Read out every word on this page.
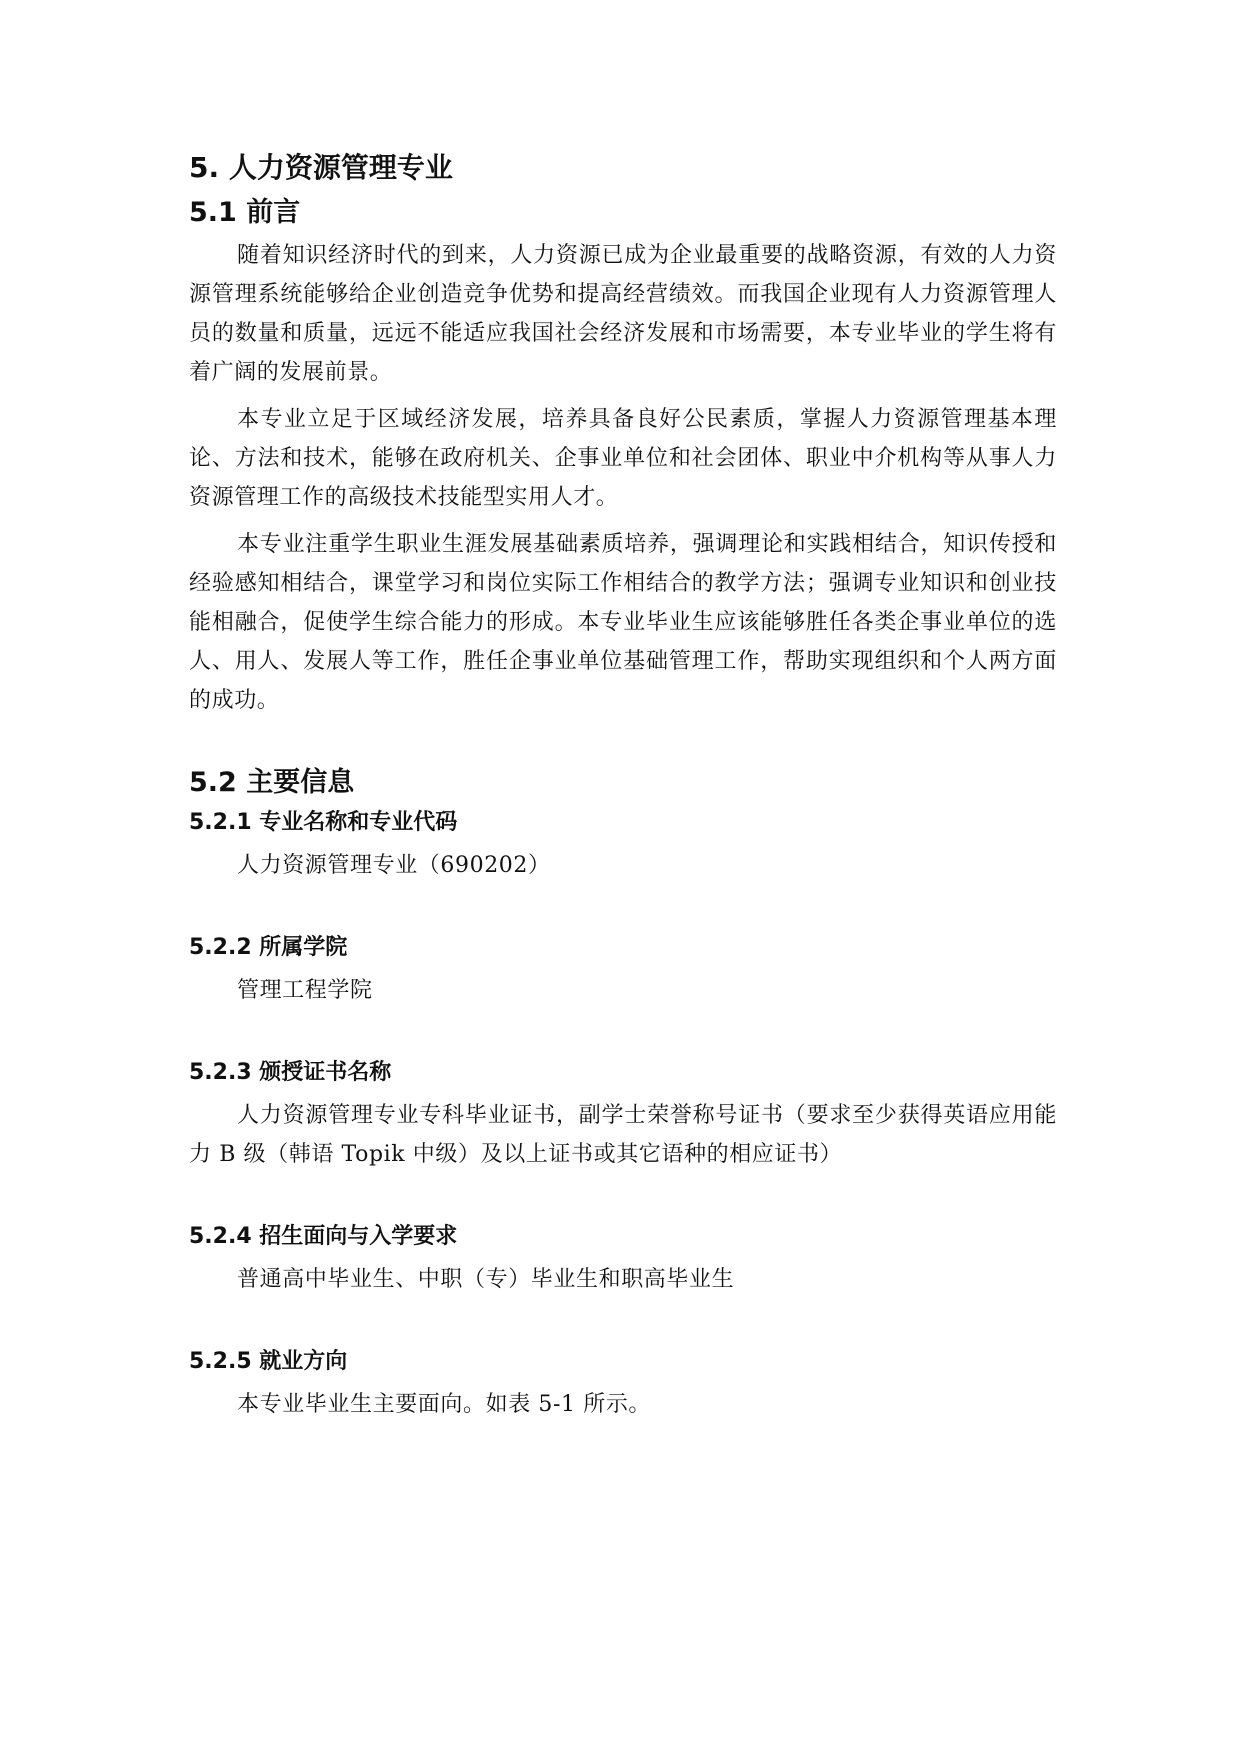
5. 人力资源管理专业
5.1 前言

随着知识经济时代的到来，人力资源已成为企业最重要的战略资源，有效的人力资源管理系统能够给企业创造竞争优势和提高经营绩效。而我国企业现有人力资源管理人员的数量和质量，远远不能适应我国社会经济发展和市场需要，本专业毕业的学生将有着广阔的发展前景。

本专业立足于区域经济发展，培养具备良好公民素质，掌握人力资源管理基本理论、方法和技术，能够在政府机关、企事业单位和社会团体、职业中介机构等从事人力资源管理工作的高级技术技能型实用人才。

本专业注重学生职业生涯发展基础素质培养，强调理论和实践相结合，知识传授和经验感知相结合，课堂学习和岗位实际工作相结合的教学方法；强调专业知识和创业技能相融合，促使学生综合能力的形成。本专业毕业生应该能够胜任各类企事业单位的选人、用人、发展人等工作，胜任企事业单位基础管理工作，帮助实现组织和个人两方面的成功。

5.2 主要信息
5.2.1 专业名称和专业代码

人力资源管理专业（690202）

5.2.2 所属学院

管理工程学院

5.2.3 颁授证书名称

人力资源管理专业专科毕业证书，副学士荣誉称号证书（要求至少获得英语应用能力 B 级（韩语 Topik 中级）及以上证书或其它语种的相应证书）

5.2.4 招生面向与入学要求

普通高中毕业生、中职（专）毕业生和职高毕业生

5.2.5 就业方向

本专业毕业生主要面向。如表 5-1 所示。
